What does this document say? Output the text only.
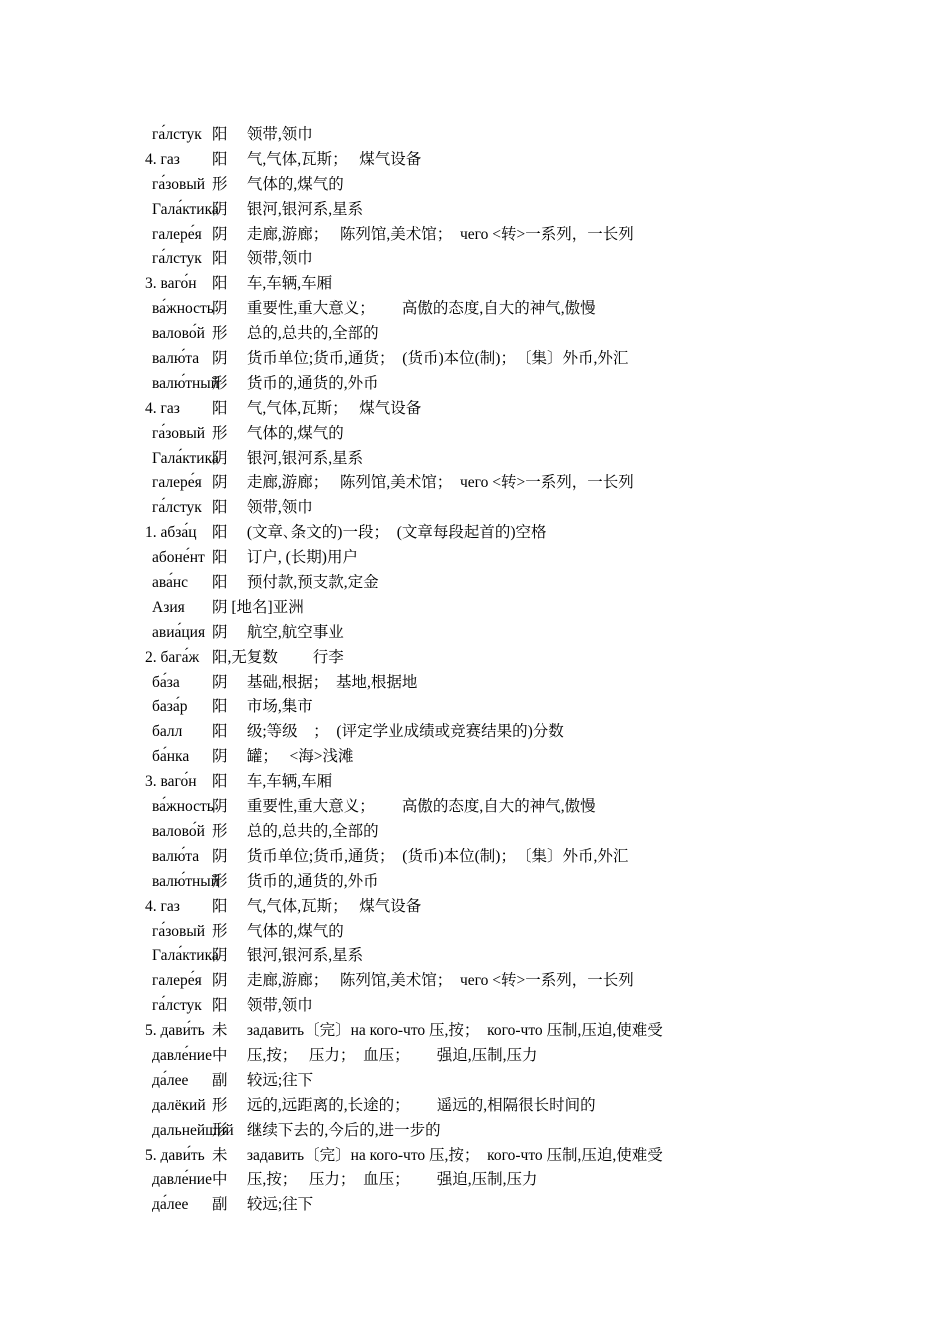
га́лстук 阳　 领带,领巾
4. газ 阳　 气,气体,瓦斯；　 煤气设备
га́зовый 形　 气体的,煤气的
Гала́ктика
阴　 银河,银河系,星系
галере́я 阴　 走廊,游廊；　 陈列馆,美术馆；　чего <转>一系列，一长列
га́лстук 阳　 领带,领巾
3. ваго́н 阳　 车,车辆,车厢
ва́жность
阴　 重要性,重大意义；　　 高傲的态度,自大的神气,傲慢
валово́й 形　 总的,总共的,全部的
валю́та 阴　 货币单位;货币,通货；　(货币)本位(制)；　〔集〕外币,外汇
валю́тный
形　 货币的,通货的,外币
4. газ 阳　 气,气体,瓦斯；　 煤气设备
га́зовый 形　 气体的,煤气的
Гала́ктика
阴　 银河,银河系,星系
галере́я 阴　 走廊,游廊；　 陈列馆,美术馆；　чего <转>一系列，一长列
га́лстук 阳　 领带,领巾
1. абза́ц 阳　 (文章､条文的)一段；　(文章每段起首的)空格
абоне́нт 阳　 订户, (长期)用户
ава́нс 阳　 预付款,预支款,定金
Азия 阴 [地名]亚洲
авиа́ция 阴　 航空,航空事业
2. бага́ж 阳,无复数　　 行李
ба́за 阴　 基础,根据；　基地,根据地
база́р 阳　 市场,集市
балл 阳　 级;等级　；　(评定学业成绩或竞赛结果的)分数
ба́нка 阴　 罐；　 <海>浅滩
3. ваго́н 阳　 车,车辆,车厢
ва́жность
阴　 重要性,重大意义；　　 高傲的态度,自大的神气,傲慢
валово́й 形　 总的,总共的,全部的
валю́та 阴　 货币单位;货币,通货；　(货币)本位(制)；　〔集〕外币,外汇
валю́тный
形　 货币的,通货的,外币
4. газ 阳　 气,气体,瓦斯；　 煤气设备
га́зовый 形　 气体的,煤气的
Гала́ктика
阴　 银河,银河系,星系
галере́я 阴　 走廊,游廊；　 陈列馆,美术馆；　чего <转>一系列，一长列
га́лстук 阳　 领带,领巾
5. дави́ть 未　 задавить〔完〕на кого-что 压,按；　кого-что 压制,压迫,使难受
давле́ние 中　 压,按；　 压力；　血压；　　 强迫,压制,压力
да́лее 副　 较远;往下
далёкий 形　 远的,远距离的,长途的；　　 遥远的,相隔很长时间的
дальнейший
形　 继续下去的,今后的,进一步的
5. дави́ть 未　 задавить〔完〕на кого-что 压,按；　кого-что 压制,压迫,使难受
давле́ние 中　 压,按；　 压力；　血压；　　 强迫,压制,压力
да́лее 副　 较远;往下
